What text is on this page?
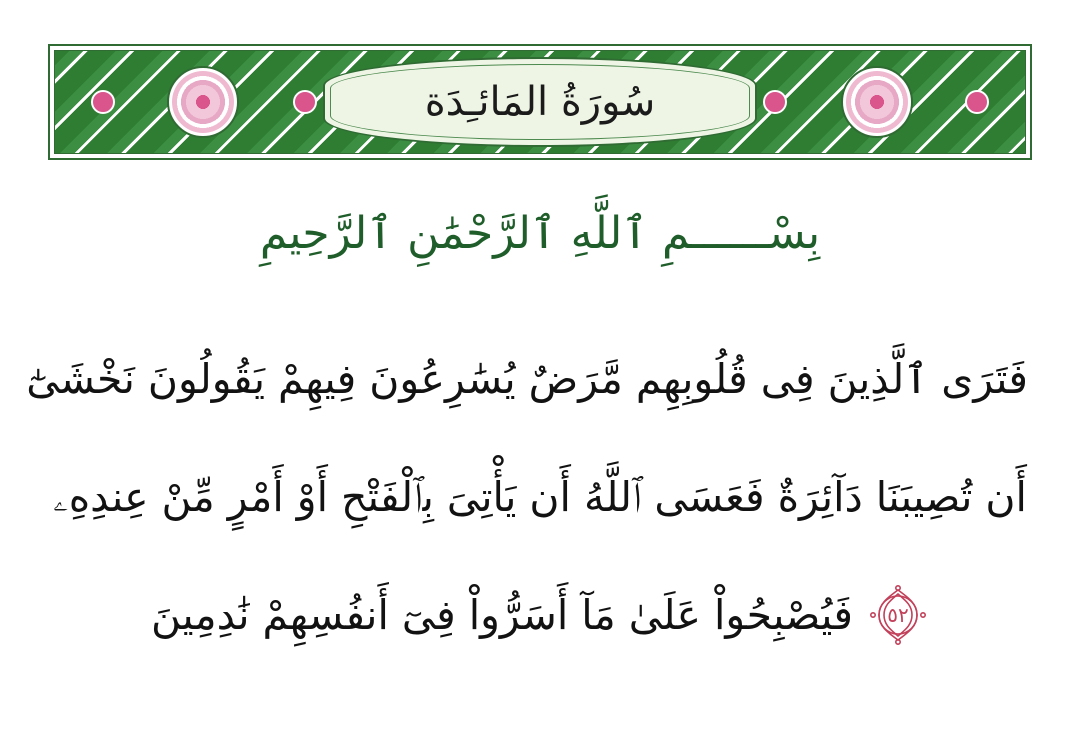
سُورَةُ المَائـِدَة
بِسْــــــمِ ٱللَّهِ ٱلرَّحْمَٰنِ ٱلرَّحِيمِ
فَتَرَى ٱلَّذِينَ فِى قُلُوبِهِم مَّرَضٌ يُسَٰرِعُونَ فِيهِمْ يَقُولُونَ نَخْشَىٰٓ
أَن تُصِيبَنَا دَآئِرَةٌ فَعَسَى ٱللَّهُ أَن يَأْتِىَ بِٱلْفَتْحِ أَوْ أَمْرٍ مِّنْ عِندِهِۦ
٥٢
فَيُصْبِحُواْ عَلَىٰ مَآ أَسَرُّواْ فِىٓ أَنفُسِهِمْ نَٰدِمِينَ
